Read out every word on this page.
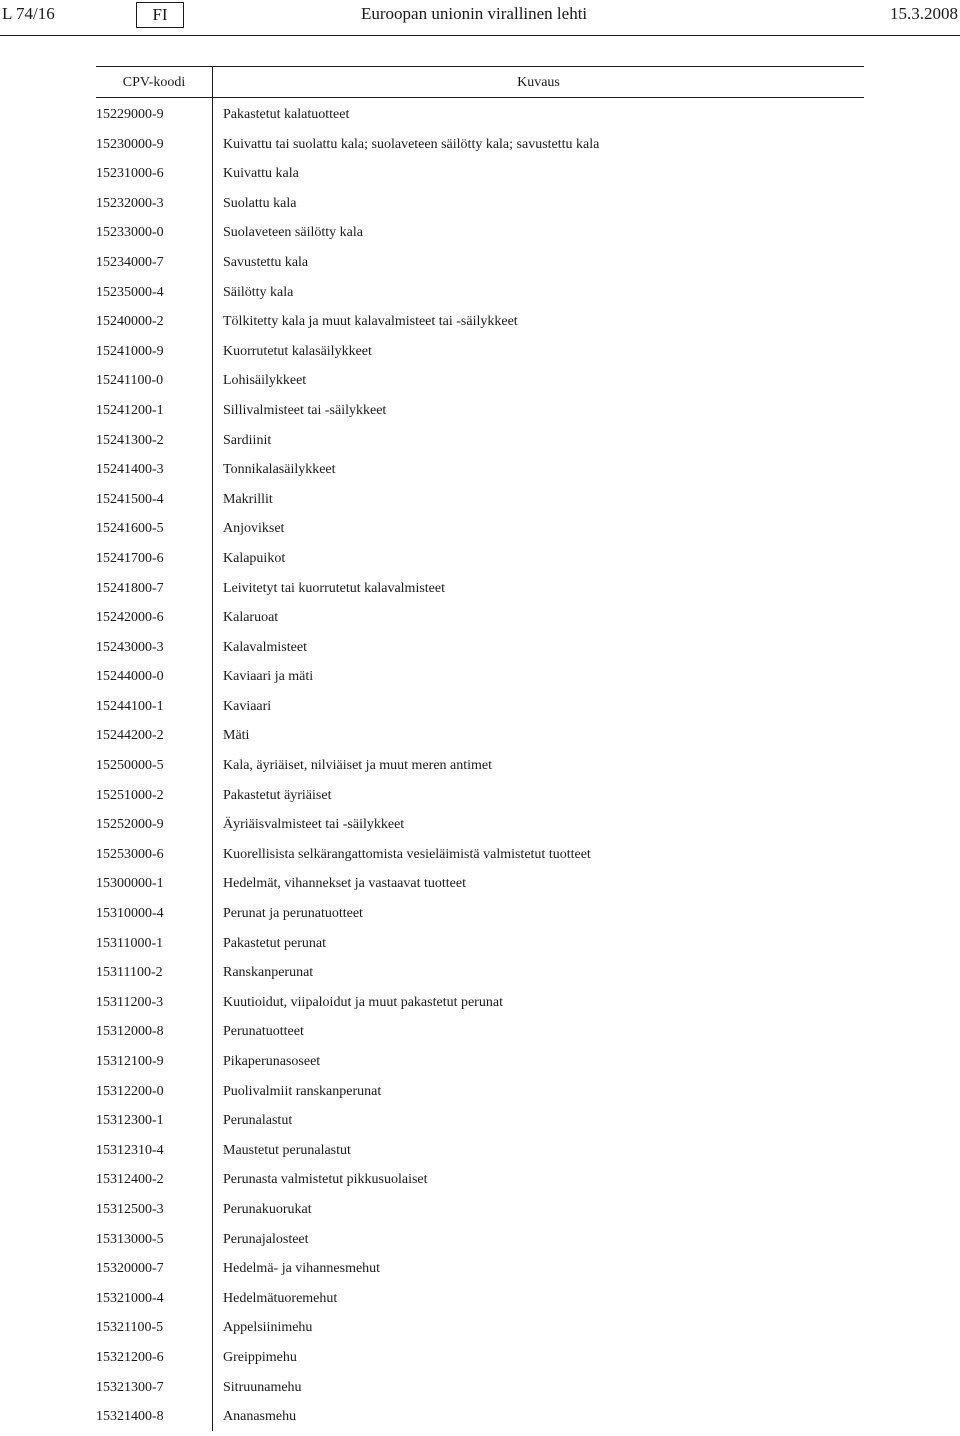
L 74/16	FI	Euroopan unionin virallinen lehti	15.3.2008
CPV-koodi	Kuvaus
15229000-9	Pakastetut kalatuotteet
15230000-9	Kuivattu tai suolattu kala; suolaveteen säilötty kala; savustettu kala
15231000-6	Kuivattu kala
15232000-3	Suolattu kala
15233000-0	Suolaveteen säilötty kala
15234000-7	Savustettu kala
15235000-4	Säilötty kala
15240000-2	Tölkitetty kala ja muut kalavalmisteet tai -säilykkeet
15241000-9	Kuorrutetut kalasäilykkeet
15241100-0	Lohisäilykkeet
15241200-1	Sillivalmisteet tai -säilykkeet
15241300-2	Sardiinit
15241400-3	Tonnikalasäilykkeet
15241500-4	Makrillit
15241600-5	Anjovikset
15241700-6	Kalapuikot
15241800-7	Leivitetyt tai kuorrutetut kalavalmisteet
15242000-6	Kalaruoat
15243000-3	Kalavalmisteet
15244000-0	Kaviaari ja mäti
15244100-1	Kaviaari
15244200-2	Mäti
15250000-5	Kala, äyriäiset, nilviäiset ja muut meren antimet
15251000-2	Pakastetut äyriäiset
15252000-9	Äyriäisvalmisteet tai -säilykkeet
15253000-6	Kuorellisista selkärangattomista vesieläimistä valmistetut tuotteet
15300000-1	Hedelmät, vihannekset ja vastaavat tuotteet
15310000-4	Perunat ja perunatuotteet
15311000-1	Pakastetut perunat
15311100-2	Ranskanperunat
15311200-3	Kuutioidut, viipaloidut ja muut pakastetut perunat
15312000-8	Perunatuotteet
15312100-9	Pikaperunasoseet
15312200-0	Puolivalmiit ranskanperunat
15312300-1	Perunalastut
15312310-4	Maustetut perunalastut
15312400-2	Perunasta valmistetut pikkusuolaiset
15312500-3	Perunakuorukat
15313000-5	Perunajalosteet
15320000-7	Hedelmä- ja vihannesmehut
15321000-4	Hedelmätuoremehut
15321100-5	Appelsiinimehu
15321200-6	Greippimehu
15321300-7	Sitruunamehu
15321400-8	Ananasmehu
